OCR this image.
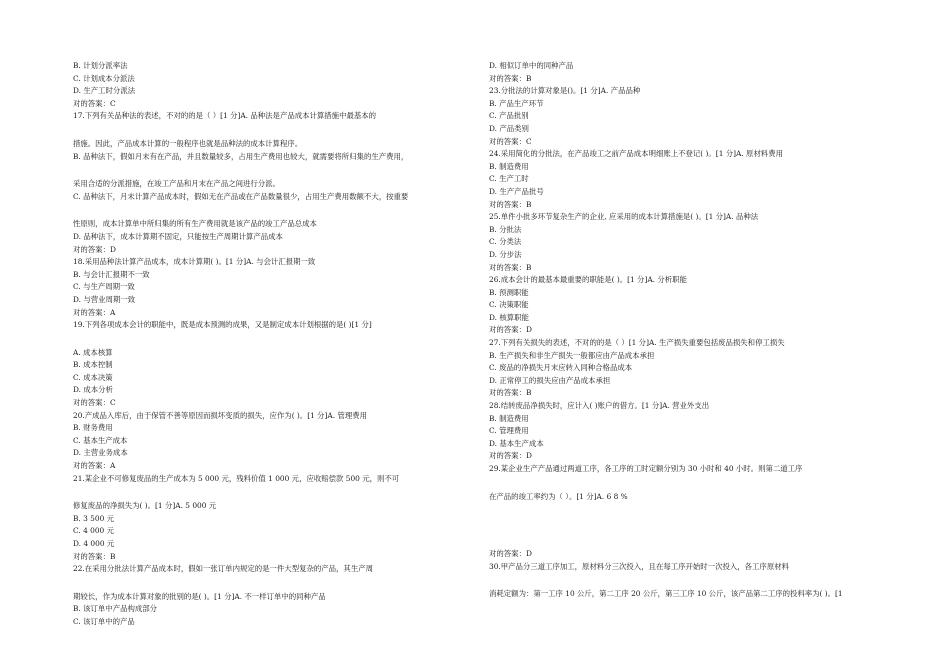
B. 计划分派率法
C. 计划成本分派法
D. 生产工时分派法
对的答案：C
17.下列有关品种法的表述，不对的的是（ ）[1 分]A. 品种法是产品成本计算措施中最基本的
措施。因此，产品成本计算的一般程序也就是品种法的成本计算程序。
B. 品种法下，假如月末有在产品，并且数量较多，占用生产费用也较大，就需要将所归集的生产费用，
采用合适的分派措施，在竣工产品和月末在产品之间进行分派。
C. 品种法下，月末计算产品成本时，假如无在产品或在产品数量很少，占用生产费用数额不大，按重要
性原则，成本计算单中所归集的所有生产费用就是该产品的竣工产品总成本
D. 品种法下，成本计算期不固定，只能按生产周期计算产品成本
对的答案：D
18.采用品种法计算产品成本，成本计算期( )。[1 分]A. 与会计汇报期一致
B. 与会计汇报期不一致
C. 与生产周期一致
D. 与营业周期一致
对的答案：A
19.下列各项成本会计的职能中，既是成本预测的成果，又是制定成本计划根据的是( )[1 分]
A. 成本核算
B. 成本控制
C. 成本决策
D. 成本分析
对的答案：C
20.产成品入库后，由于保管不善等原因而损坏变质的损失，应作为( )。[1 分]A. 管理费用
B. 财务费用
C. 基本生产成本
D. 主营业务成本
对的答案：A
21.某企业不可修复废品的生产成本为 5 000 元，残料价值 1 000 元，应收赔偿款 500 元，则不可
修复废品的净损失为( )。[1 分]A. 5 000 元
B. 3 500 元
C. 4 000 元
D. 4 000 元
对的答案：B
22.在采用分批法计算产品成本时，假如一张订单内规定的是一件大型复杂的产品，其生产周
期较长，作为成本计算对象的批别的是( )。[1 分]A. 不一样订单中的同种产品
B. 该订单中产品构成部分
C. 该订单中的产品
D. 相似订单中的同种产品
对的答案：B
23.分批法的计算对象是()。[1 分]A. 产品品种
B. 产品生产环节
C. 产品批别
D. 产品类别
对的答案：C
24.采用简化的分批法，在产品竣工之前产品成本明细账上不登记( )。[1 分]A. 原材料费用
B. 制造费用
C. 生产工时
D. 生产产品批号
对的答案：B
25.单件小批多环节复杂生产的企业, 应采用的成本计算措施是( )。[1 分]A. 品种法
B. 分批法
C. 分类法
D. 分步法
对的答案：B
26.成本会计的最基本最重要的职能是( )。[1 分]A. 分析职能
B. 预测职能
C. 决策职能
D. 核算职能
对的答案：D
27.下列有关损失的表述，不对的的是（ ）[1 分]A. 生产损失重要包括废品损失和停工损失
B. 生产损失和非生产损失一般都应由产品成本承担
C. 废品的净损失月末应转入同种合格品成本
D. 正常停工的损失应由产品成本承担
对的答案：B
28.结转废品净损失时，应计入( )账户的借方。[1 分]A. 营业外支出
B. 制造费用
C. 管理费用
D. 基本生产成本
对的答案：D
29.某企业生产产品通过两道工序，各工序的工时定额分别为 30 小时和 40 小时。则第二道工序
在产品的竣工率约为（ ）。[1 分]A. 6 8 %
对的答案：D
30.甲产品分三道工序加工，原材料分三次投入，且在每工序开始时一次投入，各工序原材料
消耗定额为：第一工序 10 公斤，第二工序 20 公斤，第三工序 10 公斤，该产品第二工序的投料率为( )。[1
